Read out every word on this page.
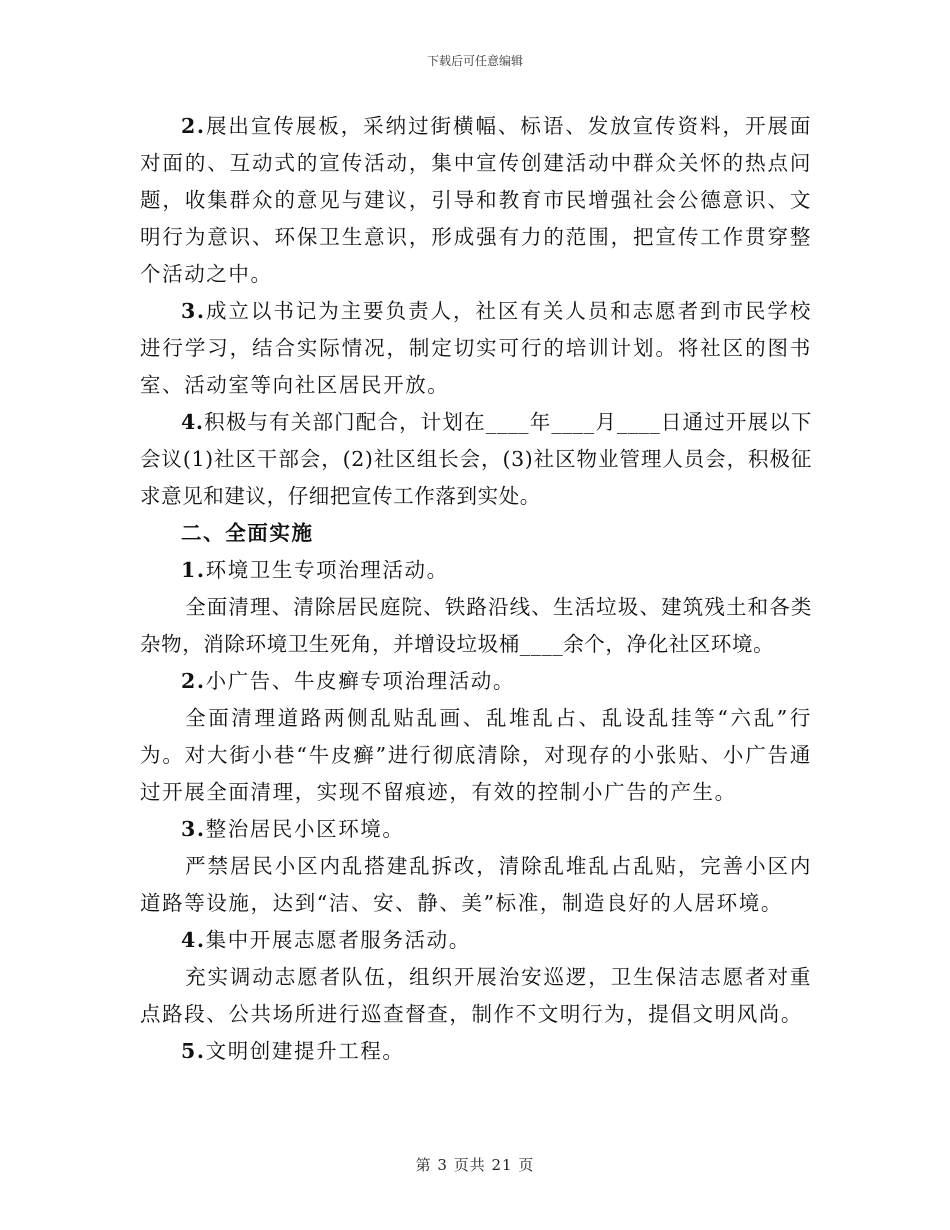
下载后可任意编辑

2.展出宣传展板，采纳过街横幅、标语、发放宣传资料，开展面对面的、互动式的宣传活动，集中宣传创建活动中群众关怀的热点问题，收集群众的意见与建议，引导和教育市民增强社会公德意识、文明行为意识、环保卫生意识，形成强有力的范围，把宣传工作贯穿整个活动之中。

3.成立以书记为主要负责人，社区有关人员和志愿者到市民学校进行学习，结合实际情况，制定切实可行的培训计划。将社区的图书室、活动室等向社区居民开放。

4.积极与有关部门配合，计划在____年____月____日通过开展以下会议(1)社区干部会，(2)社区组长会，(3)社区物业管理人员会，积极征求意见和建议，仔细把宣传工作落到实处。

二、全面实施

1.环境卫生专项治理活动。

全面清理、清除居民庭院、铁路沿线、生活垃圾、建筑残土和各类杂物，消除环境卫生死角，并增设垃圾桶____余个，净化社区环境。

2.小广告、牛皮癣专项治理活动。

全面清理道路两侧乱贴乱画、乱堆乱占、乱设乱挂等“六乱”行为。对大街小巷“牛皮癣”进行彻底清除，对现存的小张贴、小广告通过开展全面清理，实现不留痕迹，有效的控制小广告的产生。

3.整治居民小区环境。

严禁居民小区内乱搭建乱拆改，清除乱堆乱占乱贴，完善小区内道路等设施，达到“洁、安、静、美”标准，制造良好的人居环境。

4.集中开展志愿者服务活动。

充实调动志愿者队伍，组织开展治安巡逻，卫生保洁志愿者对重点路段、公共场所进行巡查督查，制作不文明行为，提倡文明风尚。

5.文明创建提升工程。

第 3 页共 21 页
